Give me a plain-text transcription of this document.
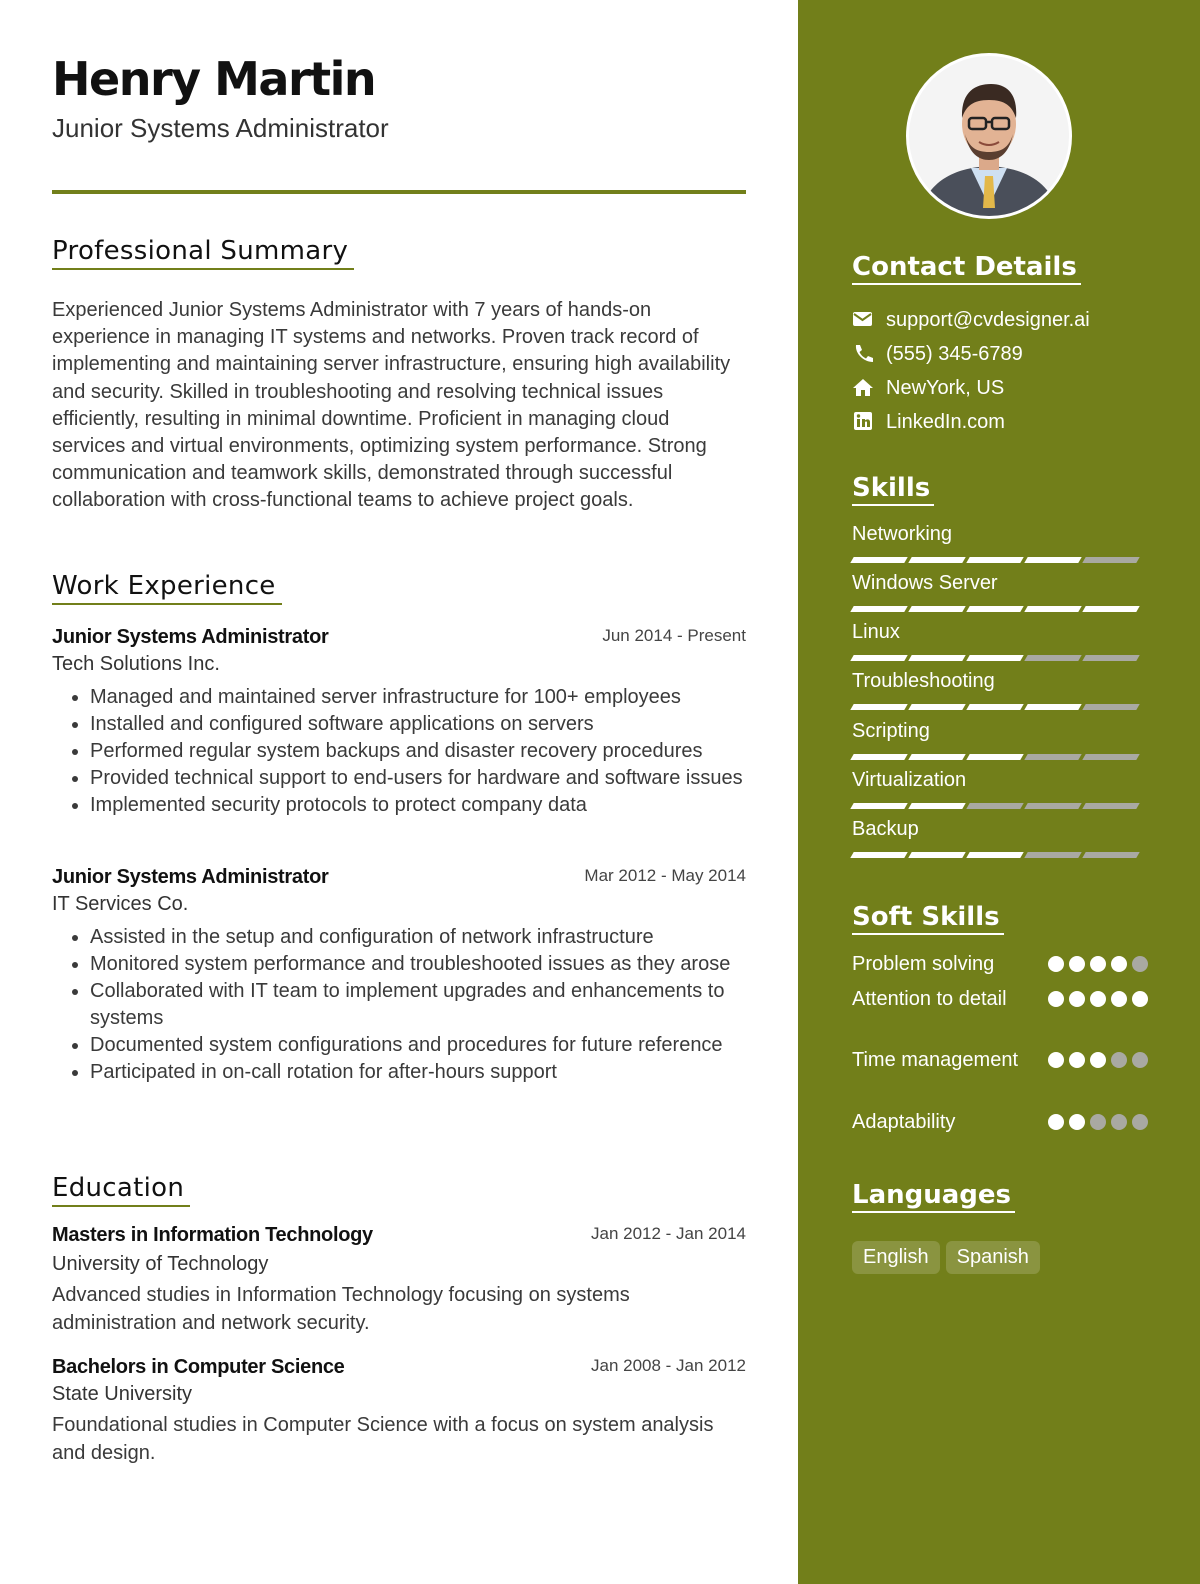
Henry Martin
Junior Systems Administrator
Professional Summary

Experienced Junior Systems Administrator with 7 years of hands-on experience in managing IT systems and networks. Proven track record of implementing and maintaining server infrastructure, ensuring high availability and security. Skilled in troubleshooting and resolving technical issues efficiently, resulting in minimal downtime. Proficient in managing cloud services and virtual environments, optimizing system performance. Strong communication and teamwork skills, demonstrated through successful collaboration with cross-functional teams to achieve project goals.

Work Experience
Junior Systems Administrator	Jun 2014 - Present
Tech Solutions Inc.
• Managed and maintained server infrastructure for 100+ employees
• Installed and configured software applications on servers
• Performed regular system backups and disaster recovery procedures
• Provided technical support to end-users for hardware and software issues
• Implemented security protocols to protect company data
Junior Systems Administrator	Mar 2012 - May 2014
IT Services Co.
• Assisted in the setup and configuration of network infrastructure
• Monitored system performance and troubleshooted issues as they arose
• Collaborated with IT team to implement upgrades and enhancements to systems
• Documented system configurations and procedures for future reference
• Participated in on-call rotation for after-hours support
Education
Masters in Information Technology	Jan 2012 - Jan 2014
University of Technology
Advanced studies in Information Technology focusing on systems administration and network security.
Bachelors in Computer Science	Jan 2008 - Jan 2012
State University
Foundational studies in Computer Science with a focus on system analysis and design.
Contact Details
support@cvdesigner.ai
(555) 345-6789
NewYork, US
LinkedIn.com
Skills
Networking
Windows Server
Linux
Troubleshooting
Scripting
Virtualization
Backup
Soft Skills
Problem solving
Attention to detail
Time management
Adaptability
Languages
English	Spanish
